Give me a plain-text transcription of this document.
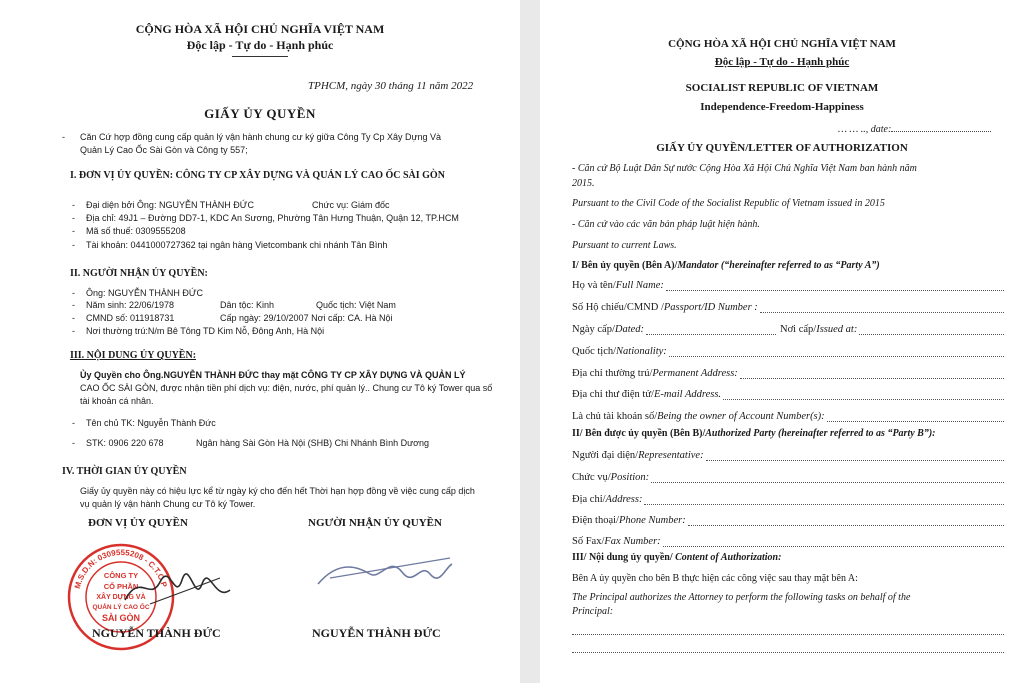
CỘNG HÒA XÃ HỘI CHỦ NGHĨA VIỆT NAM
Độc lập - Tự do - Hạnh phúc
TPHCM, ngày 30 tháng 11 năm 2022
GIẤY ỦY QUYỀN
- Căn Cứ hợp đồng cung cấp quản lý vận hành chung cư ký giữa Công Ty Cp Xây Dựng Và
Quản Lý Cao Ốc Sài Gòn và Công ty 557;
I. ĐƠN VỊ ỦY QUYỀN: CÔNG TY CP XÂY DỰNG VÀ QUẢN LÝ CAO ỐC SÀI GÒN
- Đại diện bởi Ông: NGUYỄN THÀNH ĐỨC	Chức vụ: Giám đốc
- Địa chỉ: 49J1 – Đường DD7-1, KDC An Sương, Phường Tân Hưng Thuận, Quận 12, TP.HCM
- Mã số thuế: 0309555208
- Tài khoản: 0441000727362 tại ngân hàng Vietcombank chi nhánh Tân Bình
II. NGƯỜI NHẬN ỦY QUYỀN:
- Ông: NGUYỄN THÀNH ĐỨC
- Năm sinh: 22/06/1978	Dân tộc: Kinh	Quốc tịch: Việt Nam
- CMND số: 011918731	Cấp ngày: 29/10/2007 Nơi cấp: CA. Hà Nội
- Nơi thường trú:N/m Bê Tông TD Kim Nỗ, Đông Anh, Hà Nội
III. NỘI DUNG ỦY QUYỀN:
Ủy Quyền cho Ông.NGUYỄN THÀNH ĐỨC thay mặt CÔNG TY CP XÂY DỰNG VÀ QUẢN LÝ
CAO ỐC SÀI GÒN, được nhận tiền phí dịch vụ: điện, nước, phí quản lý.. Chung cư Tô ký Tower qua số
tài khoản cá nhân.
- Tên chủ TK: Nguyễn Thành Đức
- STK: 0906 220 678	Ngân hàng Sài Gòn Hà Nội (SHB) Chi Nhánh Bình Dương
IV. THỜI GIAN ỦY QUYỀN
Giấy ủy quyền này có hiệu lực kể từ ngày ký cho đến hết Thời hạn hợp đồng về việc cung cấp dịch
vụ quản lý vận hành Chung cư Tô ký Tower.
ĐƠN VỊ ỦY QUYỀN	NGƯỜI NHẬN ỦY QUYỀN
M.S.D.N: 0309555208 - C.T.C.P
CÔNG TY
CỔ PHẦN
XÂY DỰNG VÀ
QUẢN LÝ CAO ỐC
SÀI GÒN
NGUYỄN THÀNH ĐỨC	NGUYỄN THÀNH ĐỨC
CỘNG HÒA XÃ HỘI CHỦ NGHĨA VIỆT NAM
Độc lập - Tự do - Hạnh phúc
SOCIALIST REPUBLIC OF VIETNAM
Independence-Freedom-Happiness
… … .., date:
GIẤY ỦY QUYỀN/LETTER OF AUTHORIZATION
- Căn cứ Bộ Luật Dân Sự nước Cộng Hòa Xã Hội Chủ Nghĩa Việt Nam ban hành năm
2015.
Pursuant to the Civil Code of the Socialist Republic of Vietnam issued in 2015
- Căn cứ vào các văn bản pháp luật hiện hành.
Pursuant to current Laws.
I/ Bên ủy quyền (Bên A)/Mandator (“hereinafter referred to as “Party A”)
Họ và tên/ Full Name:
Số Hộ chiếu/CMND / Passport/ID Number :
Ngày cấp/ Dated:	Nơi cấp/ Issued at:
Quốc tịch/ Nationality:
Địa chỉ thường trú/ Permanent Address:
Địa chỉ thư điện tử/ E-mail Address.
Là chủ tài khoản số/ Being the owner of Account Number(s):
II/ Bên được ủy quyền (Bên B)/Authorized Party (hereinafter referred to as “Party B”):
Người đại diện/ Representative:
Chức vụ/ Position:
Địa chỉ/ Address:
Điện thoại/ Phone Number:
Số Fax/ Fax Number:
III/ Nội dung ủy quyền/ Content of Authorization:
Bên A ủy quyền cho bên B thực hiện các công việc sau thay mặt bên A:
The Principal authorizes the Attorney to perform the following tasks on behalf of the
Principal:
